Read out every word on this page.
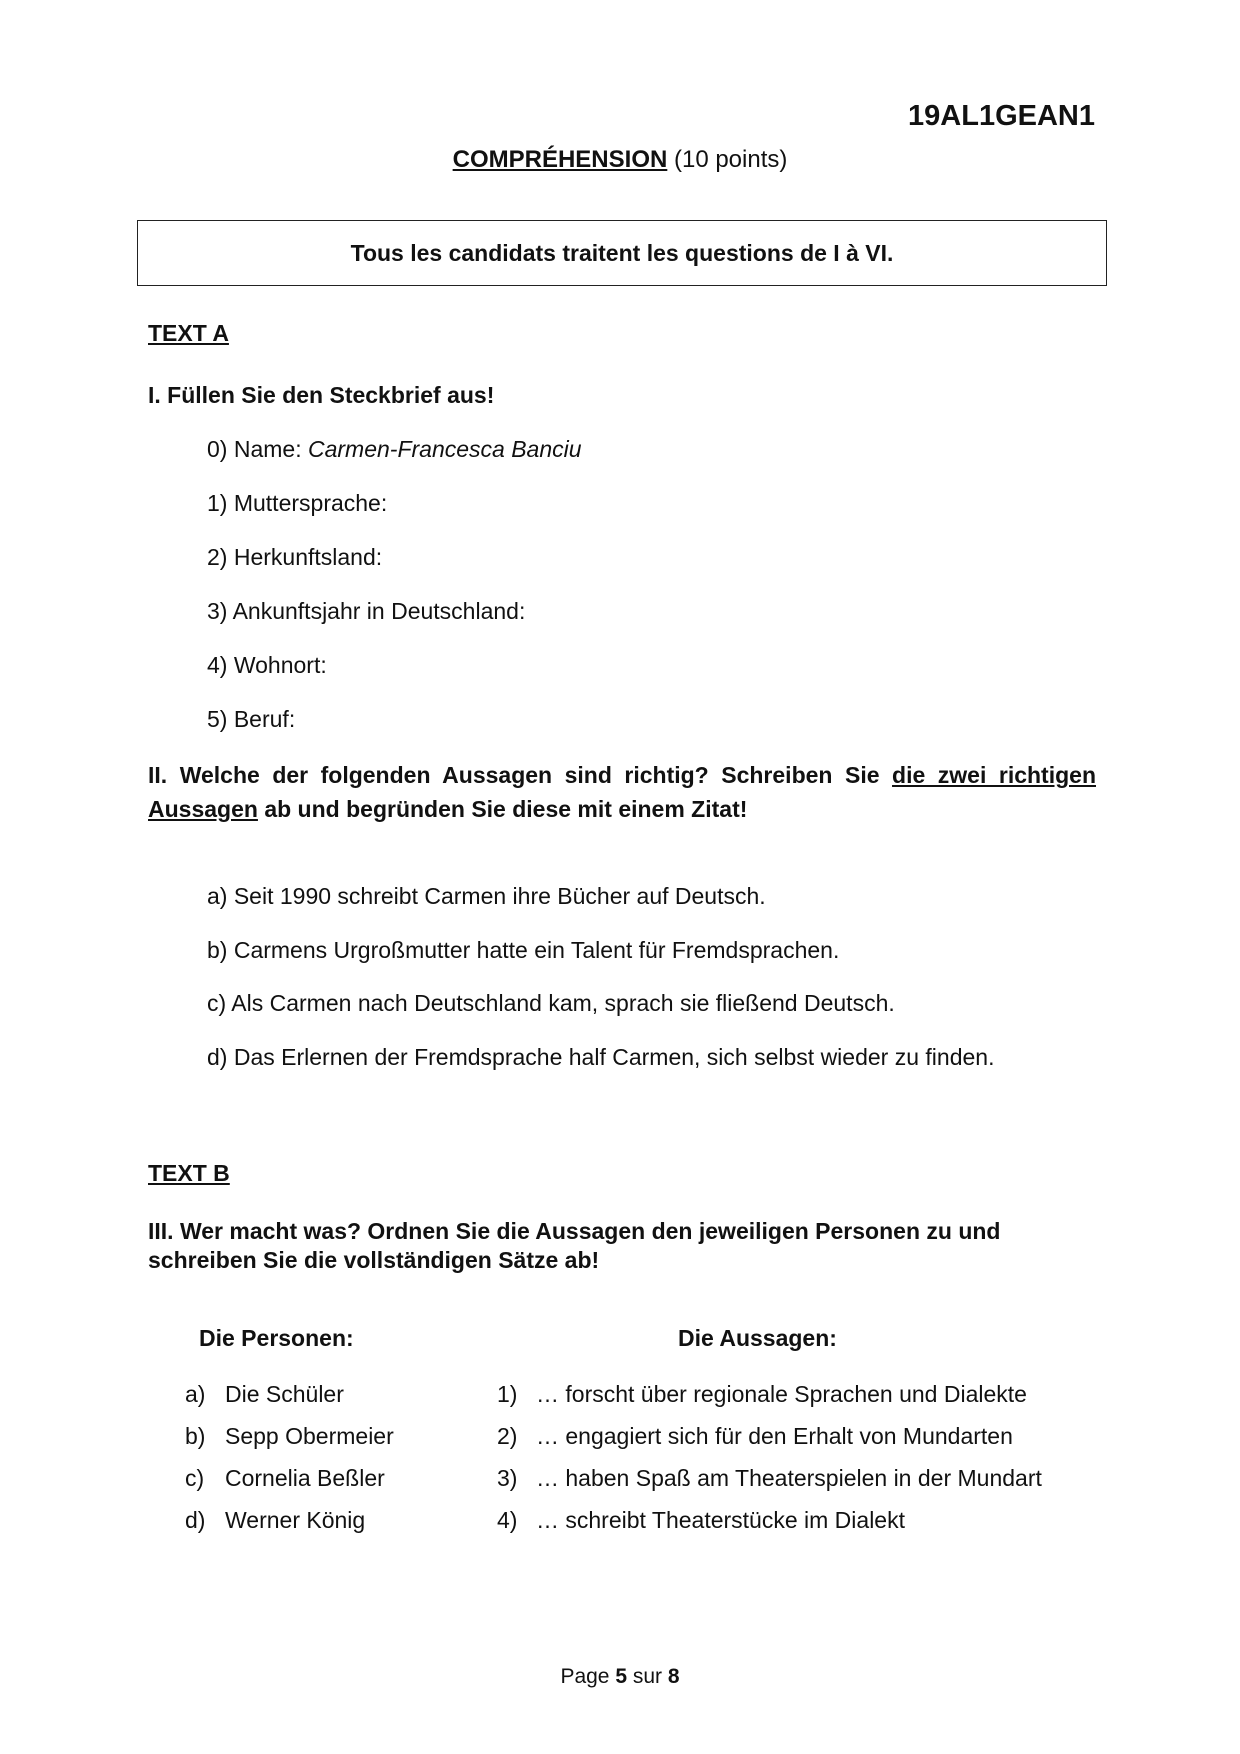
19AL1GEAN1
COMPRÉHENSION (10 points)
Tous les candidats traitent les questions de I à VI.
TEXT A
I. Füllen Sie den Steckbrief aus!
0) Name: Carmen-Francesca Banciu
1) Muttersprache:
2) Herkunftsland:
3) Ankunftsjahr in Deutschland:
4) Wohnort:
5) Beruf:
II. Welche der folgenden Aussagen sind richtig? Schreiben Sie die zwei richtigen Aussagen ab und begründen Sie diese mit einem Zitat!
a) Seit 1990 schreibt Carmen ihre Bücher auf Deutsch.
b) Carmens Urgroßmutter hatte ein Talent für Fremdsprachen.
c) Als Carmen nach Deutschland kam, sprach sie fließend Deutsch.
d) Das Erlernen der Fremdsprache half Carmen, sich selbst wieder zu finden.
TEXT B
III. Wer macht was? Ordnen Sie die Aussagen den jeweiligen Personen zu und
schreiben Sie die vollständigen Sätze ab!
Die Personen:	Die Aussagen:
a) Die Schüler
b) Sepp Obermeier
c) Cornelia Beßler
d) Werner König
1) … forscht über regionale Sprachen und Dialekte
2) … engagiert sich für den Erhalt von Mundarten
3) … haben Spaß am Theaterspielen in der Mundart
4) … schreibt Theaterstücke im Dialekt
Page 5 sur 8
